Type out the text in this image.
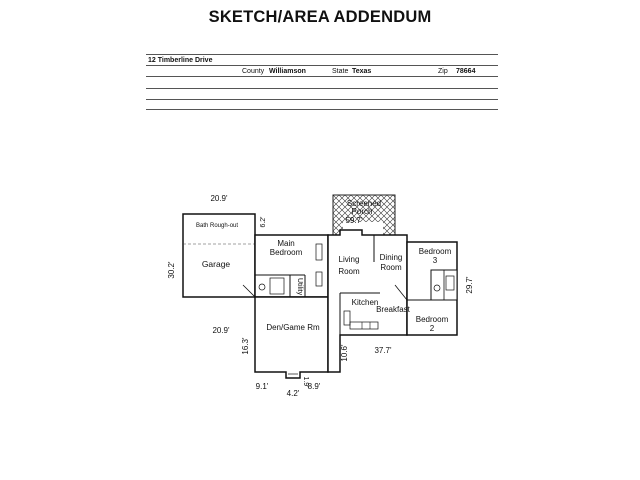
SKETCH/AREA ADDENDUM
12 Timberline Drive
County Williamson	State Texas	Zip 78664
Bath Rough-out
Garage
Main
Bedroom
Screened
Porch
Living
Room
Dining
Room
Bedroom
3
Utility
Kitchen
Breakfast
Bedroom
2
Den/Game Rm
20.9'
30.2'
20.9'
6.2'	59.7'
29.7'
16.3'	10.6'	37.7'
9.1'
4.2'
8.9'
1.9'
